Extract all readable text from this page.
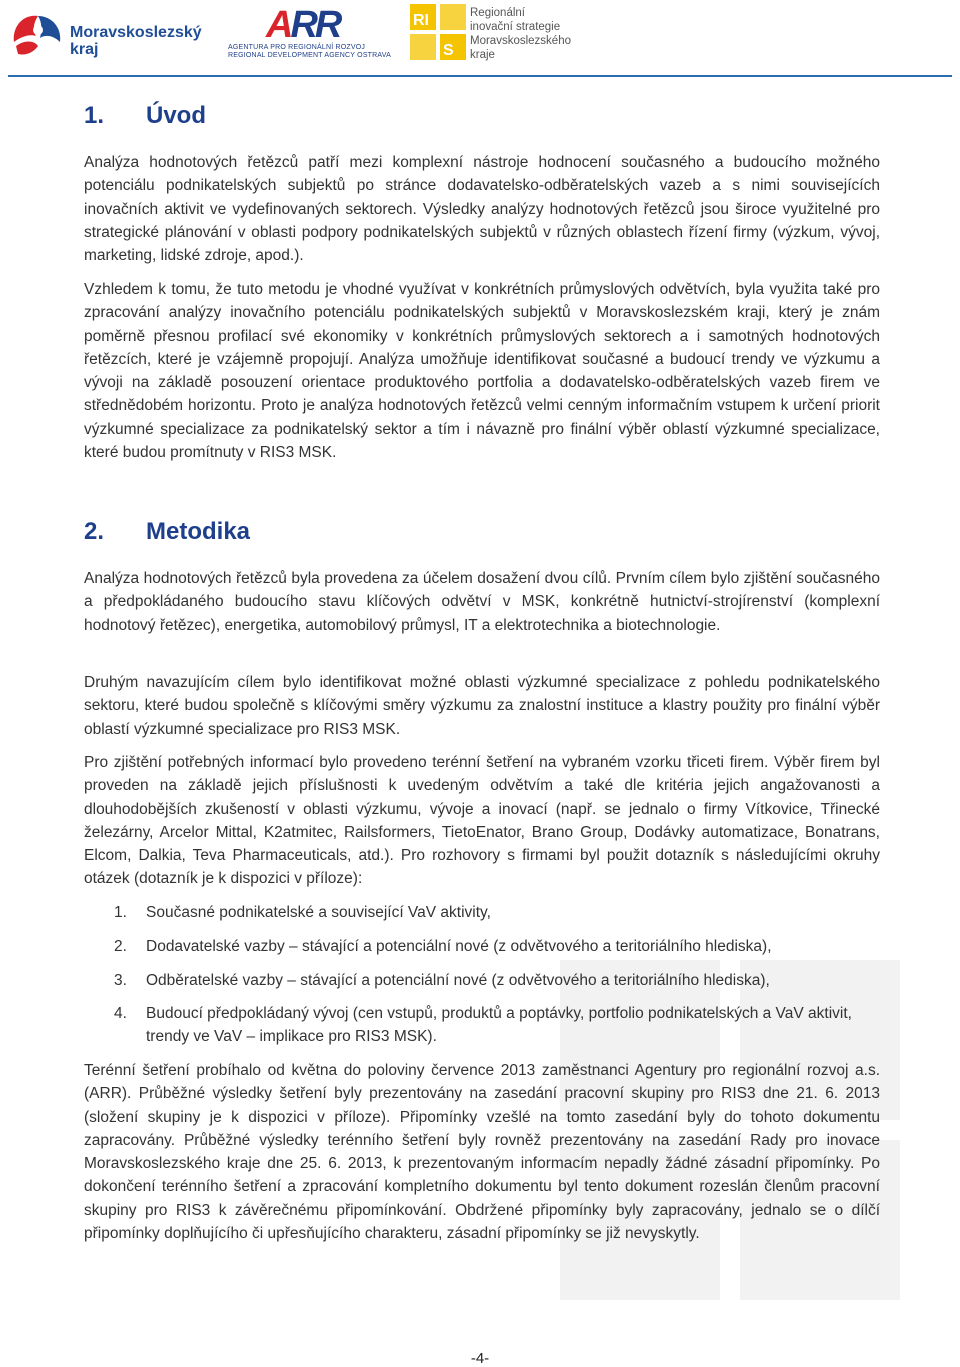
Moravskoslezský kraj
ARR
AGENTURA PRO REGIONÁLNÍ ROZVOJ
REGIONAL DEVELOPMENT AGENCY OSTRAVA
RI
S
Regionální inovační strategie Moravskoslezského kraje
1. Úvod

Analýza hodnotových řetězců patří mezi komplexní nástroje hodnocení současného a budoucího možného potenciálu podnikatelských subjektů po stránce dodavatelsko-odběratelských vazeb a s nimi souvisejících inovačních aktivit ve vydefinovaných sektorech. Výsledky analýzy hodnotových řetězců jsou široce využitelné pro strategické plánování v oblasti podpory podnikatelských subjektů v různých oblastech řízení firmy (výzkum, vývoj, marketing, lidské zdroje, apod.).

Vzhledem k tomu, že tuto metodu je vhodné využívat v konkrétních průmyslových odvětvích, byla využita také pro zpracování analýzy inovačního potenciálu podnikatelských subjektů v Moravskoslezském kraji, který je znám poměrně přesnou profilací své ekonomiky v konkrétních průmyslových sektorech a i samotných hodnotových řetězcích, které je vzájemně propojují. Analýza umožňuje identifikovat současné a budoucí trendy ve výzkumu a vývoji na základě posouzení orientace produktového portfolia a dodavatelsko-odběratelských vazeb firem ve střednědobém horizontu. Proto je analýza hodnotových řetězců velmi cenným informačním vstupem k určení priorit výzkumné specializace za podnikatelský sektor a tím i návazně pro finální výběr oblastí výzkumné specializace, které budou promítnuty v RIS3 MSK.

2. Metodika

Analýza hodnotových řetězců byla provedena za účelem dosažení dvou cílů. Prvním cílem bylo zjištění současného a předpokládaného budoucího stavu klíčových odvětví v MSK, konkrétně hutnictví-strojírenství (komplexní hodnotový řetězec), energetika, automobilový průmysl, IT a elektrotechnika a biotechnologie.

Druhým navazujícím cílem bylo identifikovat možné oblasti výzkumné specializace z pohledu podnikatelského sektoru, které budou společně s klíčovými směry výzkumu za znalostní instituce a klastry použity pro finální výběr oblastí výzkumné specializace pro RIS3 MSK.

Pro zjištění potřebných informací bylo provedeno terénní šetření na vybraném vzorku třiceti firem. Výběr firem byl proveden na základě jejich příslušnosti k uvedeným odvětvím a také dle kritéria jejich angažovanosti a dlouhodobějších zkušeností v oblasti výzkumu, vývoje a inovací (např. se jednalo o firmy Vítkovice, Třinecké železárny, Arcelor Mittal, K2atmitec, Railsformers, TietoEnator, Brano Group, Dodávky automatizace, Bonatrans, Elcom, Dalkia, Teva Pharmaceuticals, atd.). Pro rozhovory s firmami byl použit dotazník s následujícími okruhy otázek (dotazník je k dispozici v příloze):

1. Současné podnikatelské a související VaV aktivity,
2. Dodavatelské vazby – stávající a potenciální nové (z odvětvového a teritoriálního hlediska),
3. Odběratelské vazby – stávající a potenciální nové (z odvětvového a teritoriálního hlediska),
4. Budoucí předpokládaný vývoj (cen vstupů, produktů a poptávky, portfolio podnikatelských a VaV aktivit, trendy ve VaV – implikace pro RIS3 MSK).

Terénní šetření probíhalo od května do poloviny července 2013 zaměstnanci Agentury pro regionální rozvoj a.s. (ARR). Průběžné výsledky šetření byly prezentovány na zasedání pracovní skupiny pro RIS3 dne 21. 6. 2013 (složení skupiny je k dispozici v příloze). Připomínky vzešlé na tomto zasedání byly do tohoto dokumentu zapracovány. Průběžné výsledky terénního šetření byly rovněž prezentovány na zasedání Rady pro inovace Moravskoslezského kraje dne 25. 6. 2013, k prezentovaným informacím nepadly žádné zásadní připomínky. Po dokončení terénního šetření a zpracování kompletního dokumentu byl tento dokument rozeslán členům pracovní skupiny pro RIS3 k závěrečnému připomínkování. Obdržené připomínky byly zapracovány, jednalo se o dílčí připomínky doplňujícího či upřesňujícího charakteru, zásadní připomínky se již nevyskytly.

-4-
